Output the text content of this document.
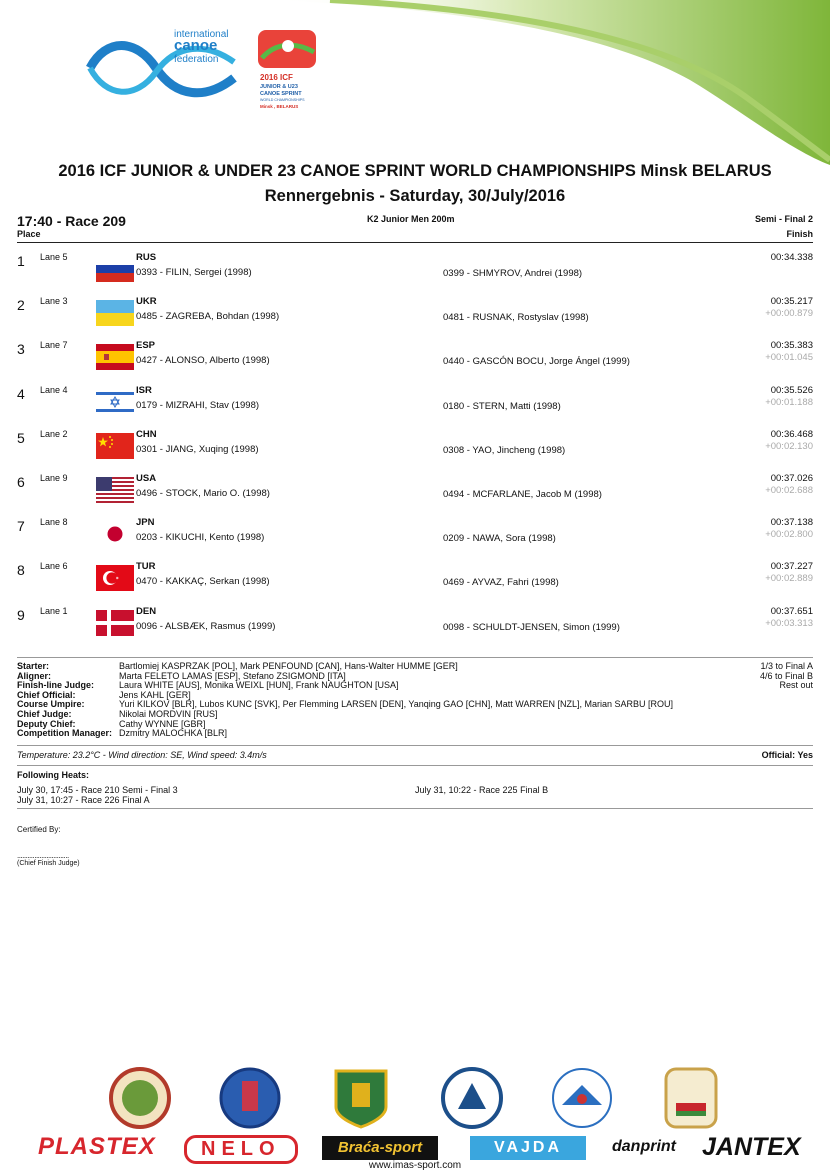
international
canoe
federation
2016 ICF
JUNIOR & U23
CANOE SPRINT
WORLD CHAMPIONSHIPS
Minsk , BELARUS
2016 ICF JUNIOR & UNDER 23 CANOE SPRINT WORLD CHAMPIONSHIPS Minsk BELARUS
Rennergebnis - Saturday, 30/July/2016
17:40 - Race 209
Place
K2 Junior Men 200m	Semi - Final 2
Finish
1 Lane 5	RUS
0393 - FILIN, Sergei (1998)	0399 - SHMYROV, Andrei (1998)
00:34.338
2 Lane 3	UKR
0485 - ZAGREBA, Bohdan (1998)	0481 - RUSNAK, Rostyslav (1998)
00:35.217
+00:00.879
3 Lane 7	ESP
0427 - ALONSO, Alberto (1998)	0440 - GASCÓN BOCU, Jorge Ángel (1999)
00:35.383
+00:01.045
4 Lane 4	ISR
0179 - MIZRAHI, Stav (1998)	0180 - STERN, Matti (1998)
00:35.526
+00:01.188
5 Lane 2	CHN
0301 - JIANG, Xuqing (1998)	0308 - YAO, Jincheng (1998)
00:36.468
+00:02.130
6 Lane 9	USA
0496 - STOCK, Mario O. (1998)	0494 - MCFARLANE, Jacob M (1998)
00:37.026
+00:02.688
7 Lane 8	JPN
0203 - KIKUCHI, Kento (1998)	0209 - NAWA, Sora (1998)
00:37.138
+00:02.800
8 Lane 6	TUR
0470 - KAKKAÇ, Serkan (1998)	0469 - AYVAZ, Fahri (1998)
00:37.227
+00:02.889
9 Lane 1	DEN
0096 - ALSBÆK, Rasmus (1999)	0098 - SCHULDT-JENSEN, Simon (1999)
00:37.651
+00:03.313
Starter:	Bartlomiej KASPRZAK [POL], Mark PENFOUND [CAN], Hans-Walter HUMME [GER]
Aligner:	Marta FELETO LAMAS [ESP], Stefano ZSIGMOND [ITA]
Finish-line Judge:	Laura WHITE [AUS], Monika WEIXL [HUN], Frank NAUGHTON [USA]
Chief Official:	Jens KAHL [GER]
Course Umpire:	Yuri KILKOV [BLR], Lubos KUNC [SVK], Per Flemming LARSEN [DEN], Yanqing GAO [CHN], Matt WARREN [NZL], Marian SARBU [ROU]
Chief Judge:	Nikolai MORDVIN [RUS]
Deputy Chief:	Cathy WYNNE [GBR]
Competition Manager: Dzmitry MALOCHKA [BLR]
1/3 to Final A
4/6 to Final B
Rest out
Temperature: 23.2°C - Wind direction: SE, Wind speed: 3.4m/s	Official: Yes
Following Heats:
July 30, 17:45 - Race 210 Semi - Final 3
July 31, 10:27 - Race 226 Final A
July 31, 10:22 - Race 225 Final B
Certified By:
..............................
(Chief Finish Judge)
PLASTEX	NELO	Braća-sport	VAJDA	danprint JANTEX
www.imas-sport.com
